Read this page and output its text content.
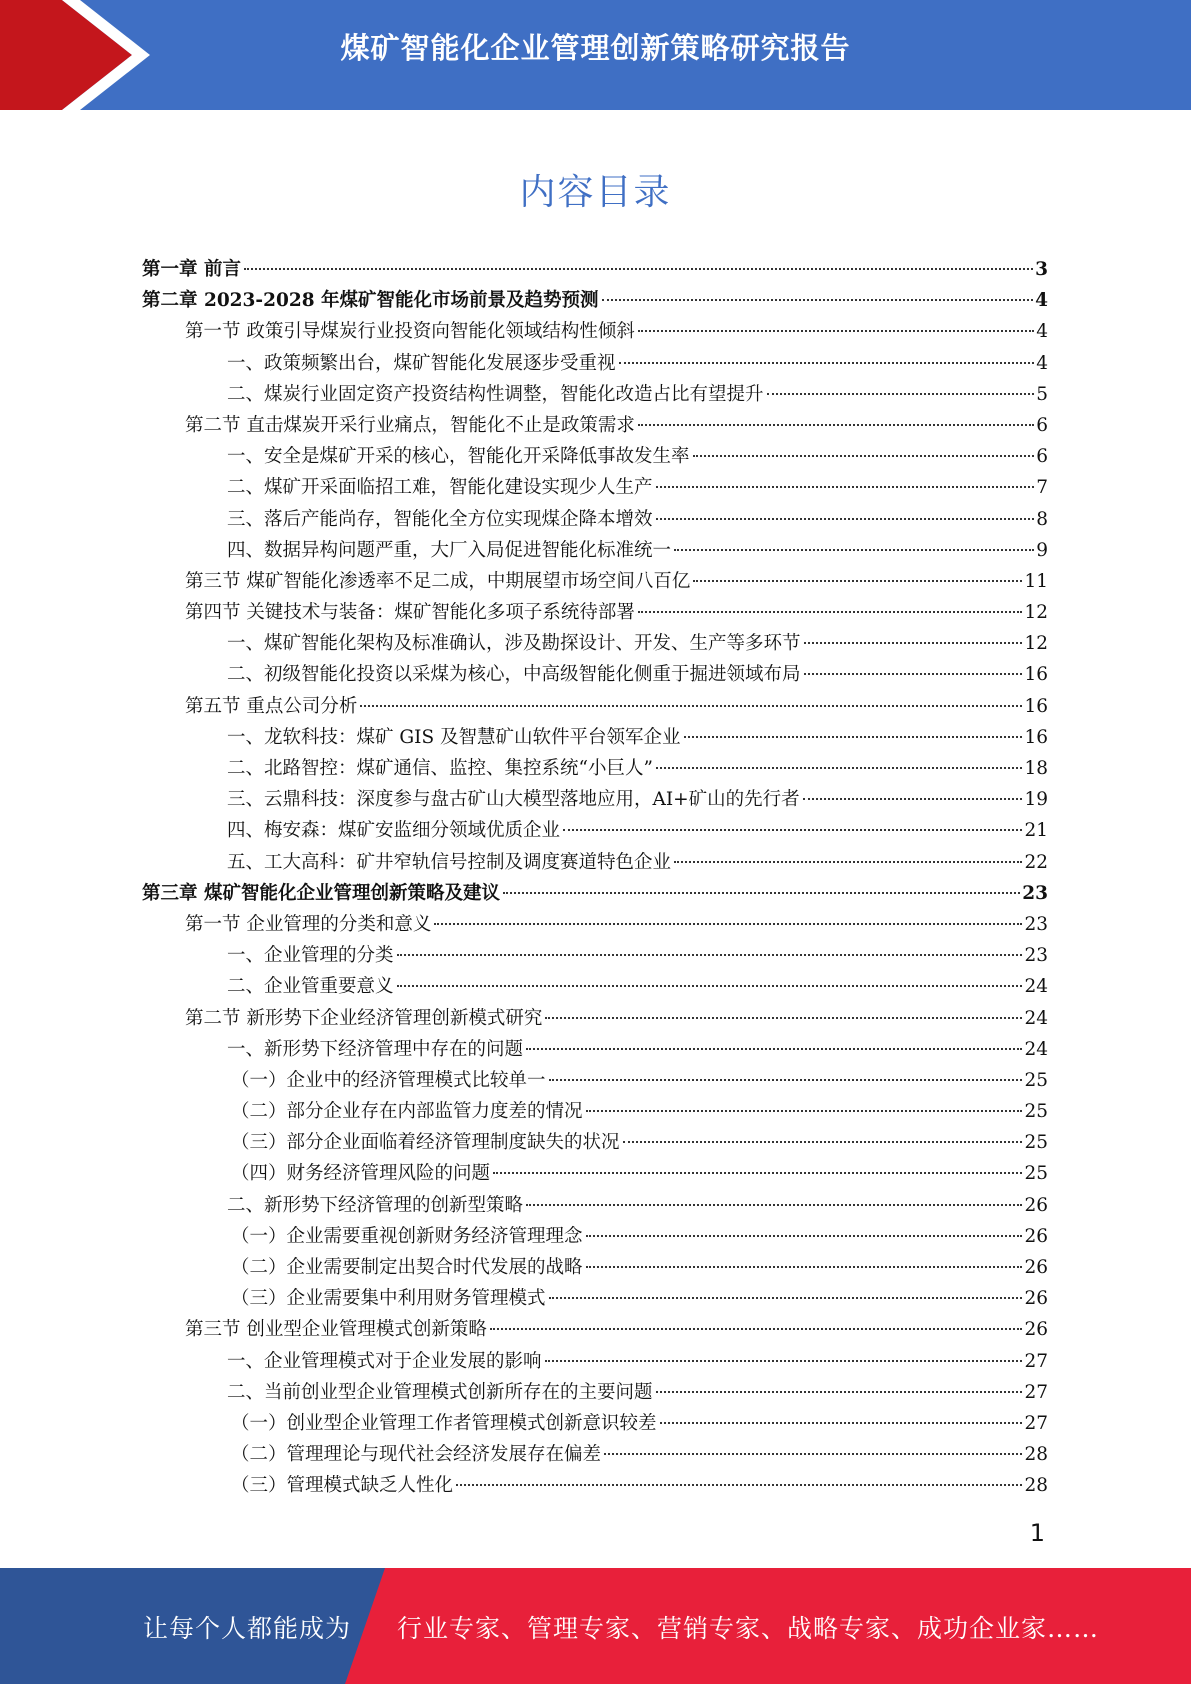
煤矿智能化企业管理创新策略研究报告
内容目录
第一章 前言	3
第二章 2023-2028 年煤矿智能化市场前景及趋势预测	4
第一节 政策引导煤炭行业投资向智能化领域结构性倾斜	4
一、政策频繁出台，煤矿智能化发展逐步受重视	4
二、煤炭行业固定资产投资结构性调整，智能化改造占比有望提升	5
第二节 直击煤炭开采行业痛点，智能化不止是政策需求	6
一、安全是煤矿开采的核心，智能化开采降低事故发生率	6
二、煤矿开采面临招工难，智能化建设实现少人生产	7
三、落后产能尚存，智能化全方位实现煤企降本增效	8
四、数据异构问题严重，大厂入局促进智能化标准统一	9
第三节 煤矿智能化渗透率不足二成，中期展望市场空间八百亿	11
第四节 关键技术与装备：煤矿智能化多项子系统待部署	12
一、煤矿智能化架构及标准确认，涉及勘探设计、开发、生产等多环节	12
二、初级智能化投资以采煤为核心，中高级智能化侧重于掘进领域布局	16
第五节 重点公司分析	16
一、龙软科技：煤矿 GIS 及智慧矿山软件平台领军企业	16
二、北路智控：煤矿通信、监控、集控系统“小巨人”	18
三、云鼎科技：深度参与盘古矿山大模型落地应用，AI+矿山的先行者	19
四、梅安森：煤矿安监细分领域优质企业	21
五、工大高科：矿井窄轨信号控制及调度赛道特色企业	22
第三章 煤矿智能化企业管理创新策略及建议	23
第一节 企业管理的分类和意义	23
一、企业管理的分类	23
二、企业管重要意义	24
第二节 新形势下企业经济管理创新模式研究	24
一、新形势下经济管理中存在的问题	24
（一）企业中的经济管理模式比较单一	25
（二）部分企业存在内部监管力度差的情况	25
（三）部分企业面临着经济管理制度缺失的状况	25
（四）财务经济管理风险的问题	25
二、新形势下经济管理的创新型策略	26
（一）企业需要重视创新财务经济管理理念	26
（二）企业需要制定出契合时代发展的战略	26
（三）企业需要集中利用财务管理模式	26
第三节 创业型企业管理模式创新策略	26
一、企业管理模式对于企业发展的影响	27
二、当前创业型企业管理模式创新所存在的主要问题	27
（一）创业型企业管理工作者管理模式创新意识较差	27
（二）管理理论与现代社会经济发展存在偏差	28
（三）管理模式缺乏人性化	28
1
让每个人都能成为 行业专家、管理专家、营销专家、战略专家、成功企业家……
